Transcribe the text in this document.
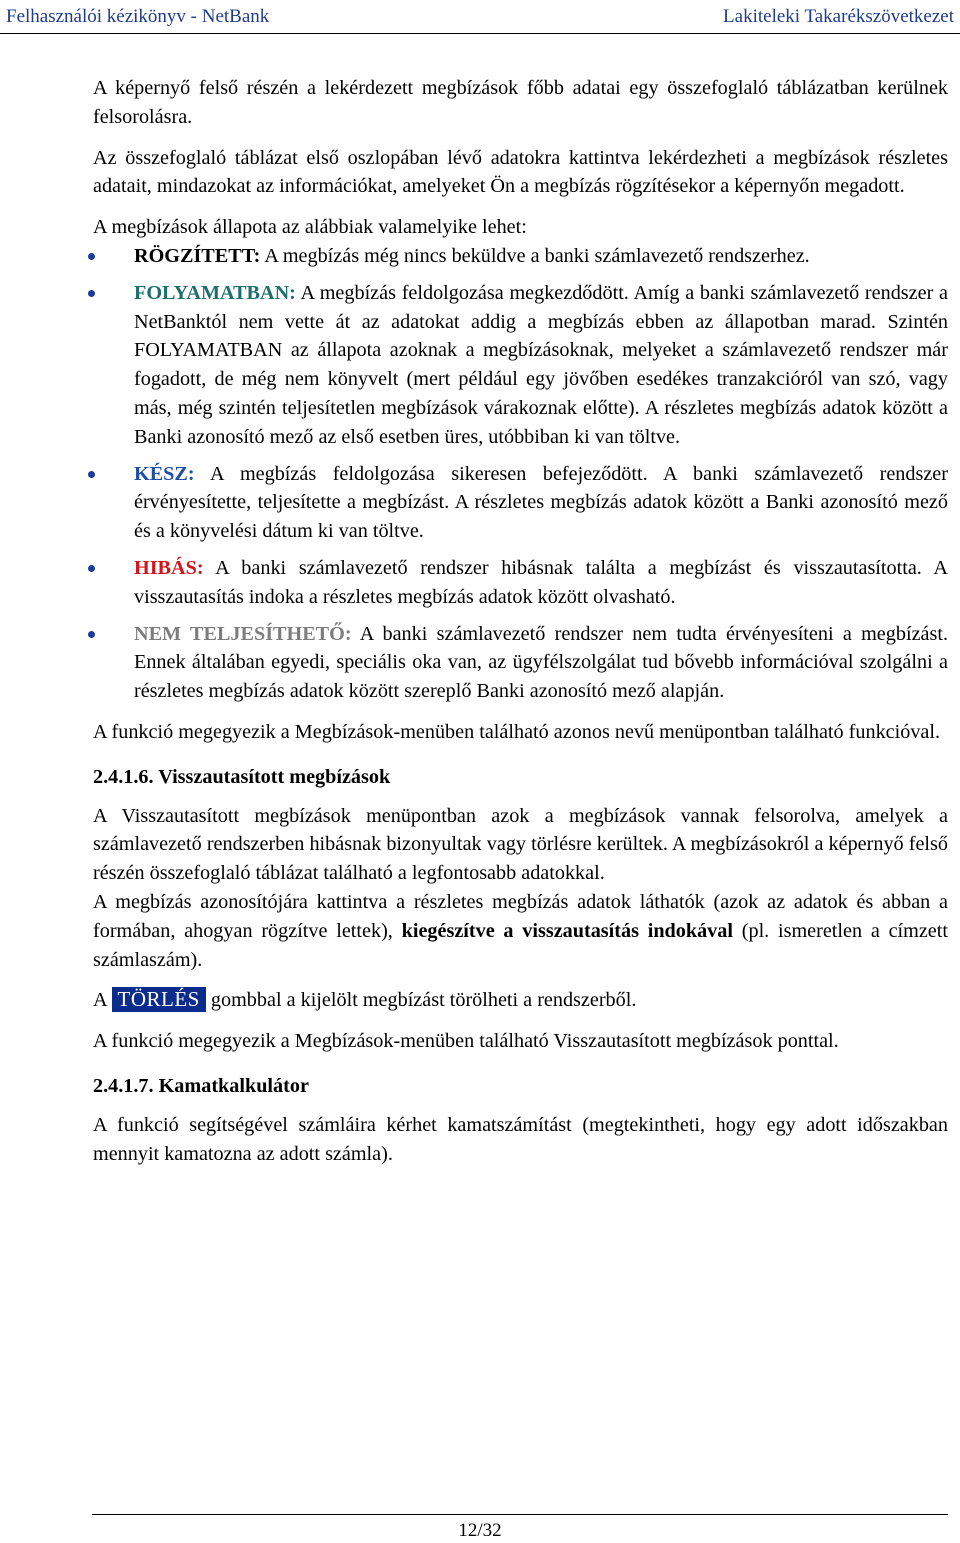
Felhasználói kézikönyv - NetBank	Lakiteleki Takarékszövetkezet

A képernyő felső részén a lekérdezett megbízások főbb adatai egy összefoglaló táblázatban kerülnek felsorolásra.

Az összefoglaló táblázat első oszlopában lévő adatokra kattintva lekérdezheti a megbízások részletes adatait, mindazokat az információkat, amelyeket Ön a megbízás rögzítésekor a képernyőn megadott.

A megbízások állapota az alábbiak valamelyike lehet:

RÖGZÍTETT: A megbízás még nincs beküldve a banki számlavezető rendszerhez.
FOLYAMATBAN: A megbízás feldolgozása megkezdődött. Amíg a banki számlavezető rendszer a NetBanktól nem vette át az adatokat addig a megbízás ebben az állapotban marad. Szintén FOLYAMATBAN az állapota azoknak a megbízásoknak, melyeket a számlavezető rendszer már fogadott, de még nem könyvelt (mert például egy jövőben esedékes tranzakcióról van szó, vagy más, még szintén teljesítetlen megbízások várakoznak előtte). A részletes megbízás adatok között a Banki azonosító mező az első esetben üres, utóbbiban ki van töltve.
KÉSZ: A megbízás feldolgozása sikeresen befejeződött. A banki számlavezető rendszer érvényesítette, teljesítette a megbízást. A részletes megbízás adatok között a Banki azonosító mező és a könyvelési dátum ki van töltve.
HIBÁS: A banki számlavezető rendszer hibásnak találta a megbízást és visszautasította. A visszautasítás indoka a részletes megbízás adatok között olvasható.
NEM TELJESÍTHETŐ: A banki számlavezető rendszer nem tudta érvényesíteni a megbízást. Ennek általában egyedi, speciális oka van, az ügyfélszolgálat tud bővebb információval szolgálni a részletes megbízás adatok között szereplő Banki azonosító mező alapján.

A funkció megegyezik a Megbízások-menüben található azonos nevű menüpontban található funkcióval.

2.4.1.6. Visszautasított megbízások

A Visszautasított megbízások menüpontban azok a megbízások vannak felsorolva, amelyek a számlavezető rendszerben hibásnak bizonyultak vagy törlésre kerültek. A megbízásokról a képernyő felső részén összefoglaló táblázat található a legfontosabb adatokkal.

A megbízás azonosítójára kattintva a részletes megbízás adatok láthatók (azok az adatok és abban a formában, ahogyan rögzítve lettek), kiegészítve a visszautasítás indokával (pl. ismeretlen a címzett számlaszám).

A TÖRLÉS gombbal a kijelölt megbízást törölheti a rendszerből.

A funkció megegyezik a Megbízások-menüben található Visszautasított megbízások ponttal.

2.4.1.7. Kamatkalkulátor

A funkció segítségével számláira kérhet kamatszámítást (megtekintheti, hogy egy adott időszakban mennyit kamatozna az adott számla).

12/32
